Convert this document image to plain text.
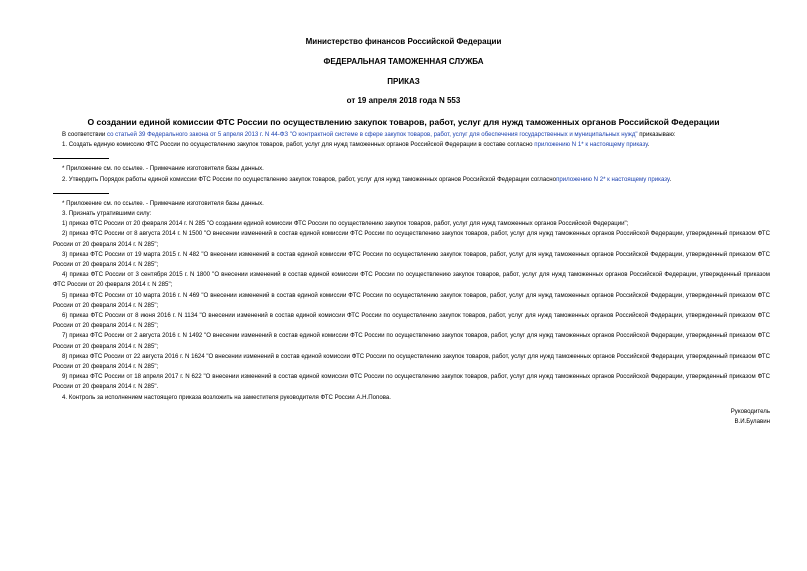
Министерство финансов Российской Федерации

ФЕДЕРАЛЬНАЯ ТАМОЖЕННАЯ СЛУЖБА

ПРИКАЗ

от 19 апреля 2018 года N 553

О создании единой комиссии ФТС России по осуществлению закупок товаров, работ, услуг для нужд таможенных органов Российской Федерации

В соответствии со статьей 39 Федерального закона от 5 апреля 2013 г. N 44-ФЗ "О контрактной системе в сфере закупок товаров, работ, услуг для обеспечения государственных и муниципальных нужд" приказываю:

1. Создать единую комиссию ФТС России по осуществлению закупок товаров, работ, услуг для нужд таможенных органов Российской Федерации в составе согласно приложению N 1* к настоящему приказу.

* Приложение см. по ссылке. - Примечание изготовителя базы данных.

2. Утвердить Порядок работы единой комиссии ФТС России по осуществлению закупок товаров, работ, услуг для нужд таможенных органов Российской Федерации согласноприложению N 2* к настоящему приказу.

* Приложение см. по ссылке. - Примечание изготовителя базы данных.

3. Признать утратившими силу:

1) приказ ФТС России от 20 февраля 2014 г. N 285 "О создании единой комиссии ФТС России по осуществлению закупок товаров, работ, услуг для нужд таможенных органов Российской Федерации";

2) приказ ФТС России от 8 августа 2014 г. N 1500 "О внесении изменений в состав единой комиссии ФТС России по осуществлению закупок товаров, работ, услуг для нужд таможенных органов Российской Федерации, утвержденный приказом ФТС России от 20 февраля 2014 г. N 285";

3) приказ ФТС России от 19 марта 2015 г. N 482 "О внесении изменений в состав единой комиссии ФТС России по осуществлению закупок товаров, работ, услуг для нужд таможенных органов Российской Федерации, утвержденный приказом ФТС России от 20 февраля 2014 г. N 285";

4) приказ ФТС России от 3 сентября 2015 г. N 1800 "О внесении изменений в состав единой комиссии ФТС России по осуществлению закупок товаров, работ, услуг для нужд таможенных органов Российской Федерации, утвержденный приказом ФТС России от 20 февраля 2014 г. N 285";

5) приказ ФТС России от 10 марта 2016 г. N 469 "О внесении изменений в состав единой комиссии ФТС России по осуществлению закупок товаров, работ, услуг для нужд таможенных органов Российской Федерации, утвержденный приказом ФТС России от 20 февраля 2014 г. N 285";

6) приказ ФТС России от 8 июня 2016 г. N 1134 "О внесении изменений в состав единой комиссии ФТС России по осуществлению закупок товаров, работ, услуг для нужд таможенных органов Российской Федерации, утвержденный приказом ФТС России от 20 февраля 2014 г. N 285";

7) приказ ФТС России от 2 августа 2016 г. N 1492 "О внесении изменений в состав единой комиссии ФТС России по осуществлению закупок товаров, работ, услуг для нужд таможенных органов Российской Федерации, утвержденный приказом ФТС России от 20 февраля 2014 г. N 285";

8) приказ ФТС России от 22 августа 2016 г. N 1624 "О внесении изменений в состав единой комиссии ФТС России по осуществлению закупок товаров, работ, услуг для нужд таможенных органов Российской Федерации, утвержденный приказом ФТС России от 20 февраля 2014 г. N 285";

9) приказ ФТС России от 18 апреля 2017 г. N 622 "О внесении изменений в состав единой комиссии ФТС России по осуществлению закупок товаров, работ, услуг для нужд таможенных органов Российской Федерации, утвержденный приказом ФТС России от 20 февраля 2014 г. N 285".

4. Контроль за исполнением настоящего приказа возложить на заместителя руководителя ФТС России А.Н.Попова.

Руководитель

В.И.Булавин
